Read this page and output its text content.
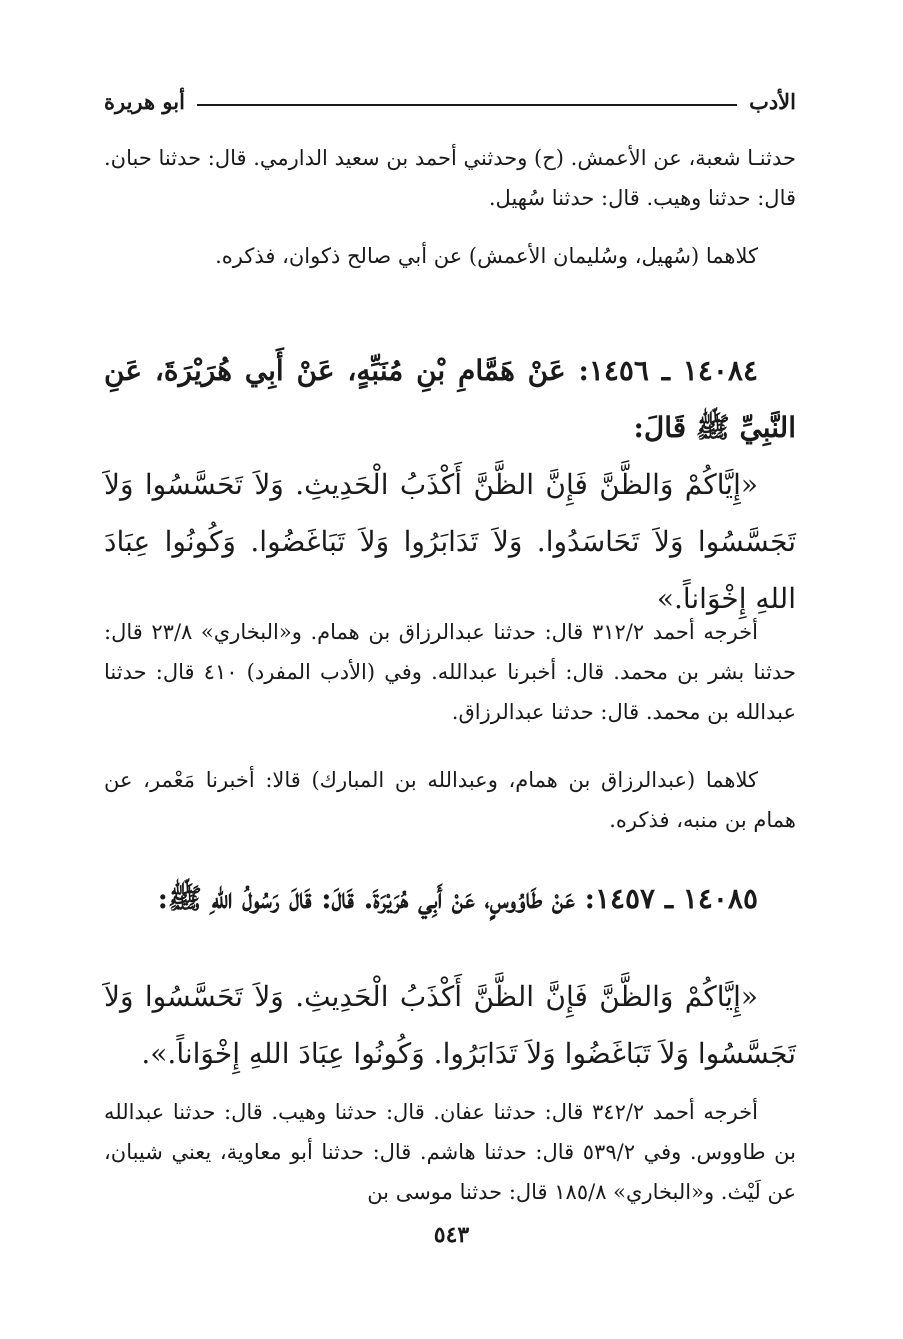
الأدب
أبو هريرة
حدثنـا شعبة، عن الأعمش. (ح) وحدثني أحمد بن سعيد الدارمي. قال: حدثنا حبان. قال: حدثنا وهيب. قال: حدثنا سُهيل.
كلاهما (سُهيل، وسُليمان الأعمش) عن أبي صالح ذكوان، فذكره.
١٤٠٨٤ ـ ١٤٥٦: عَنْ هَمَّامِ بْنِ مُنَبِّهٍ، عَنْ أَبِي هُرَيْرَةَ، عَنِ النَّبِيِّ ﷺ قَالَ:
«إِيَّاكُمْ وَالظَّنَّ فَإِنَّ الظَّنَّ أَكْذَبُ الْحَدِيثِ. وَلاَ تَحَسَّسُوا وَلاَ تَجَسَّسُوا وَلاَ تَحَاسَدُوا. وَلاَ تَدَابَرُوا وَلاَ تَبَاغَضُوا. وَكُونُوا عِبَادَ اللهِ إِخْوَاناً.»
أخرجه أحمد ٣١٢/٢ قال: حدثنا عبدالرزاق بن همام. و«البخاري» ٢٣/٨ قال: حدثنا بشر بن محمد. قال: أخبرنا عبدالله. وفي (الأدب المفرد) ٤١٠ قال: حدثنا عبدالله بن محمد. قال: حدثنا عبدالرزاق.
كلاهما (عبدالرزاق بن همام، وعبدالله بن المبارك) قالا: أخبرنا مَعْمر، عن همام بن منبه، فذكره.
١٤٠٨٥ ـ ١٤٥٧: عَنْ طَاوُوسٍ، عَنْ أَبِي هُرَيْرَةَ. قَالَ: قَالَ رَسُولُ اللهِ ﷺ:
«إِيَّاكُمْ وَالظَّنَّ فَإِنَّ الظَّنَّ أَكْذَبُ الْحَدِيثِ. وَلاَ تَحَسَّسُوا وَلاَ تَجَسَّسُوا وَلاَ تَبَاغَضُوا وَلاَ تَدَابَرُوا. وَكُونُوا عِبَادَ اللهِ إِخْوَاناً.».
أخرجه أحمد ٣٤٢/٢ قال: حدثنا عفان. قال: حدثنا وهيب. قال: حدثنا عبدالله بن طاووس. وفي ٥٣٩/٢ قال: حدثنا هاشم. قال: حدثنا أبو معاوية، يعني شيبان، عن لَيْث. و«البخاري» ١٨٥/٨ قال: حدثنا موسى بن
٥٤٣
